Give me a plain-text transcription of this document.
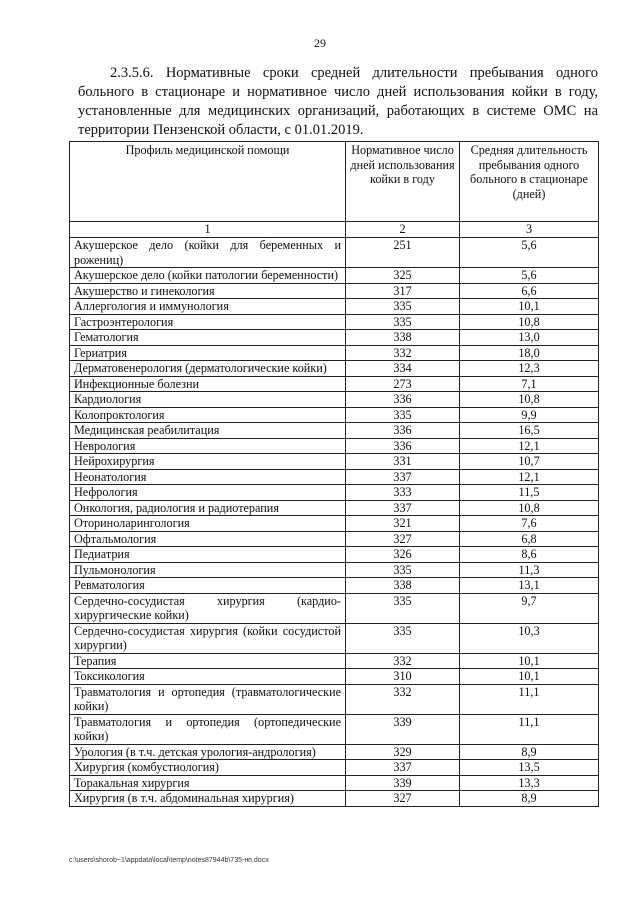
29
2.3.5.6. Нормативные сроки средней длительности пребывания одного больного в стационаре и нормативное число дней использования койки в году, установленные для медицинских организаций, работающих в системе ОМС на территории Пензенской области, с 01.01.2019.
Профиль медицинской помощи	Нормативное число дней использования койки в году	Средняя длительность пребывания одного больного в стационаре (дней)
1	2	3
Акушерское дело (койки для беременных и рожениц)	251	5,6
Акушерское дело (койки патологии беременности)	325	5,6
Акушерство и гинекология	317	6,6
Аллергология и иммунология	335	10,1
Гастроэнтерология	335	10,8
Гематология	338	13,0
Гериатрия	332	18,0
Дерматовенерология (дерматологические койки)	334	12,3
Инфекционные болезни	273	7,1
Кардиология	336	10,8
Колопроктология	335	9,9
Медицинская реабилитация	336	16,5
Неврология	336	12,1
Нейрохирургия	331	10,7
Неонатология	337	12,1
Нефрология	333	11,5
Онкология, радиология и радиотерапия	337	10,8
Оториноларингология	321	7,6
Офтальмология	327	6,8
Педиатрия	326	8,6
Пульмонология	335	11,3
Ревматология	338	13,1
Сердечно-сосудистая хирургия (кардио-хирургические койки)	335	9,7
Сердечно-сосудистая хирургия (койки сосудистой хирургии)	335	10,3
Терапия	332	10,1
Токсикология	310	10,1
Травматология и ортопедия (травматологические койки)	332	11,1
Травматология и ортопедия (ортопедические койки)	339	11,1
Урология (в т.ч. детская урология-андрология)	329	8,9
Хирургия (комбустиология)	337	13,5
Торакальная хирургия	339	13,3
Хирургия (в т.ч. абдоминальная хирургия)	327	8,9
c:\users\shorob~1\appdata\local\temp\notes87944b\735-нп.docx
